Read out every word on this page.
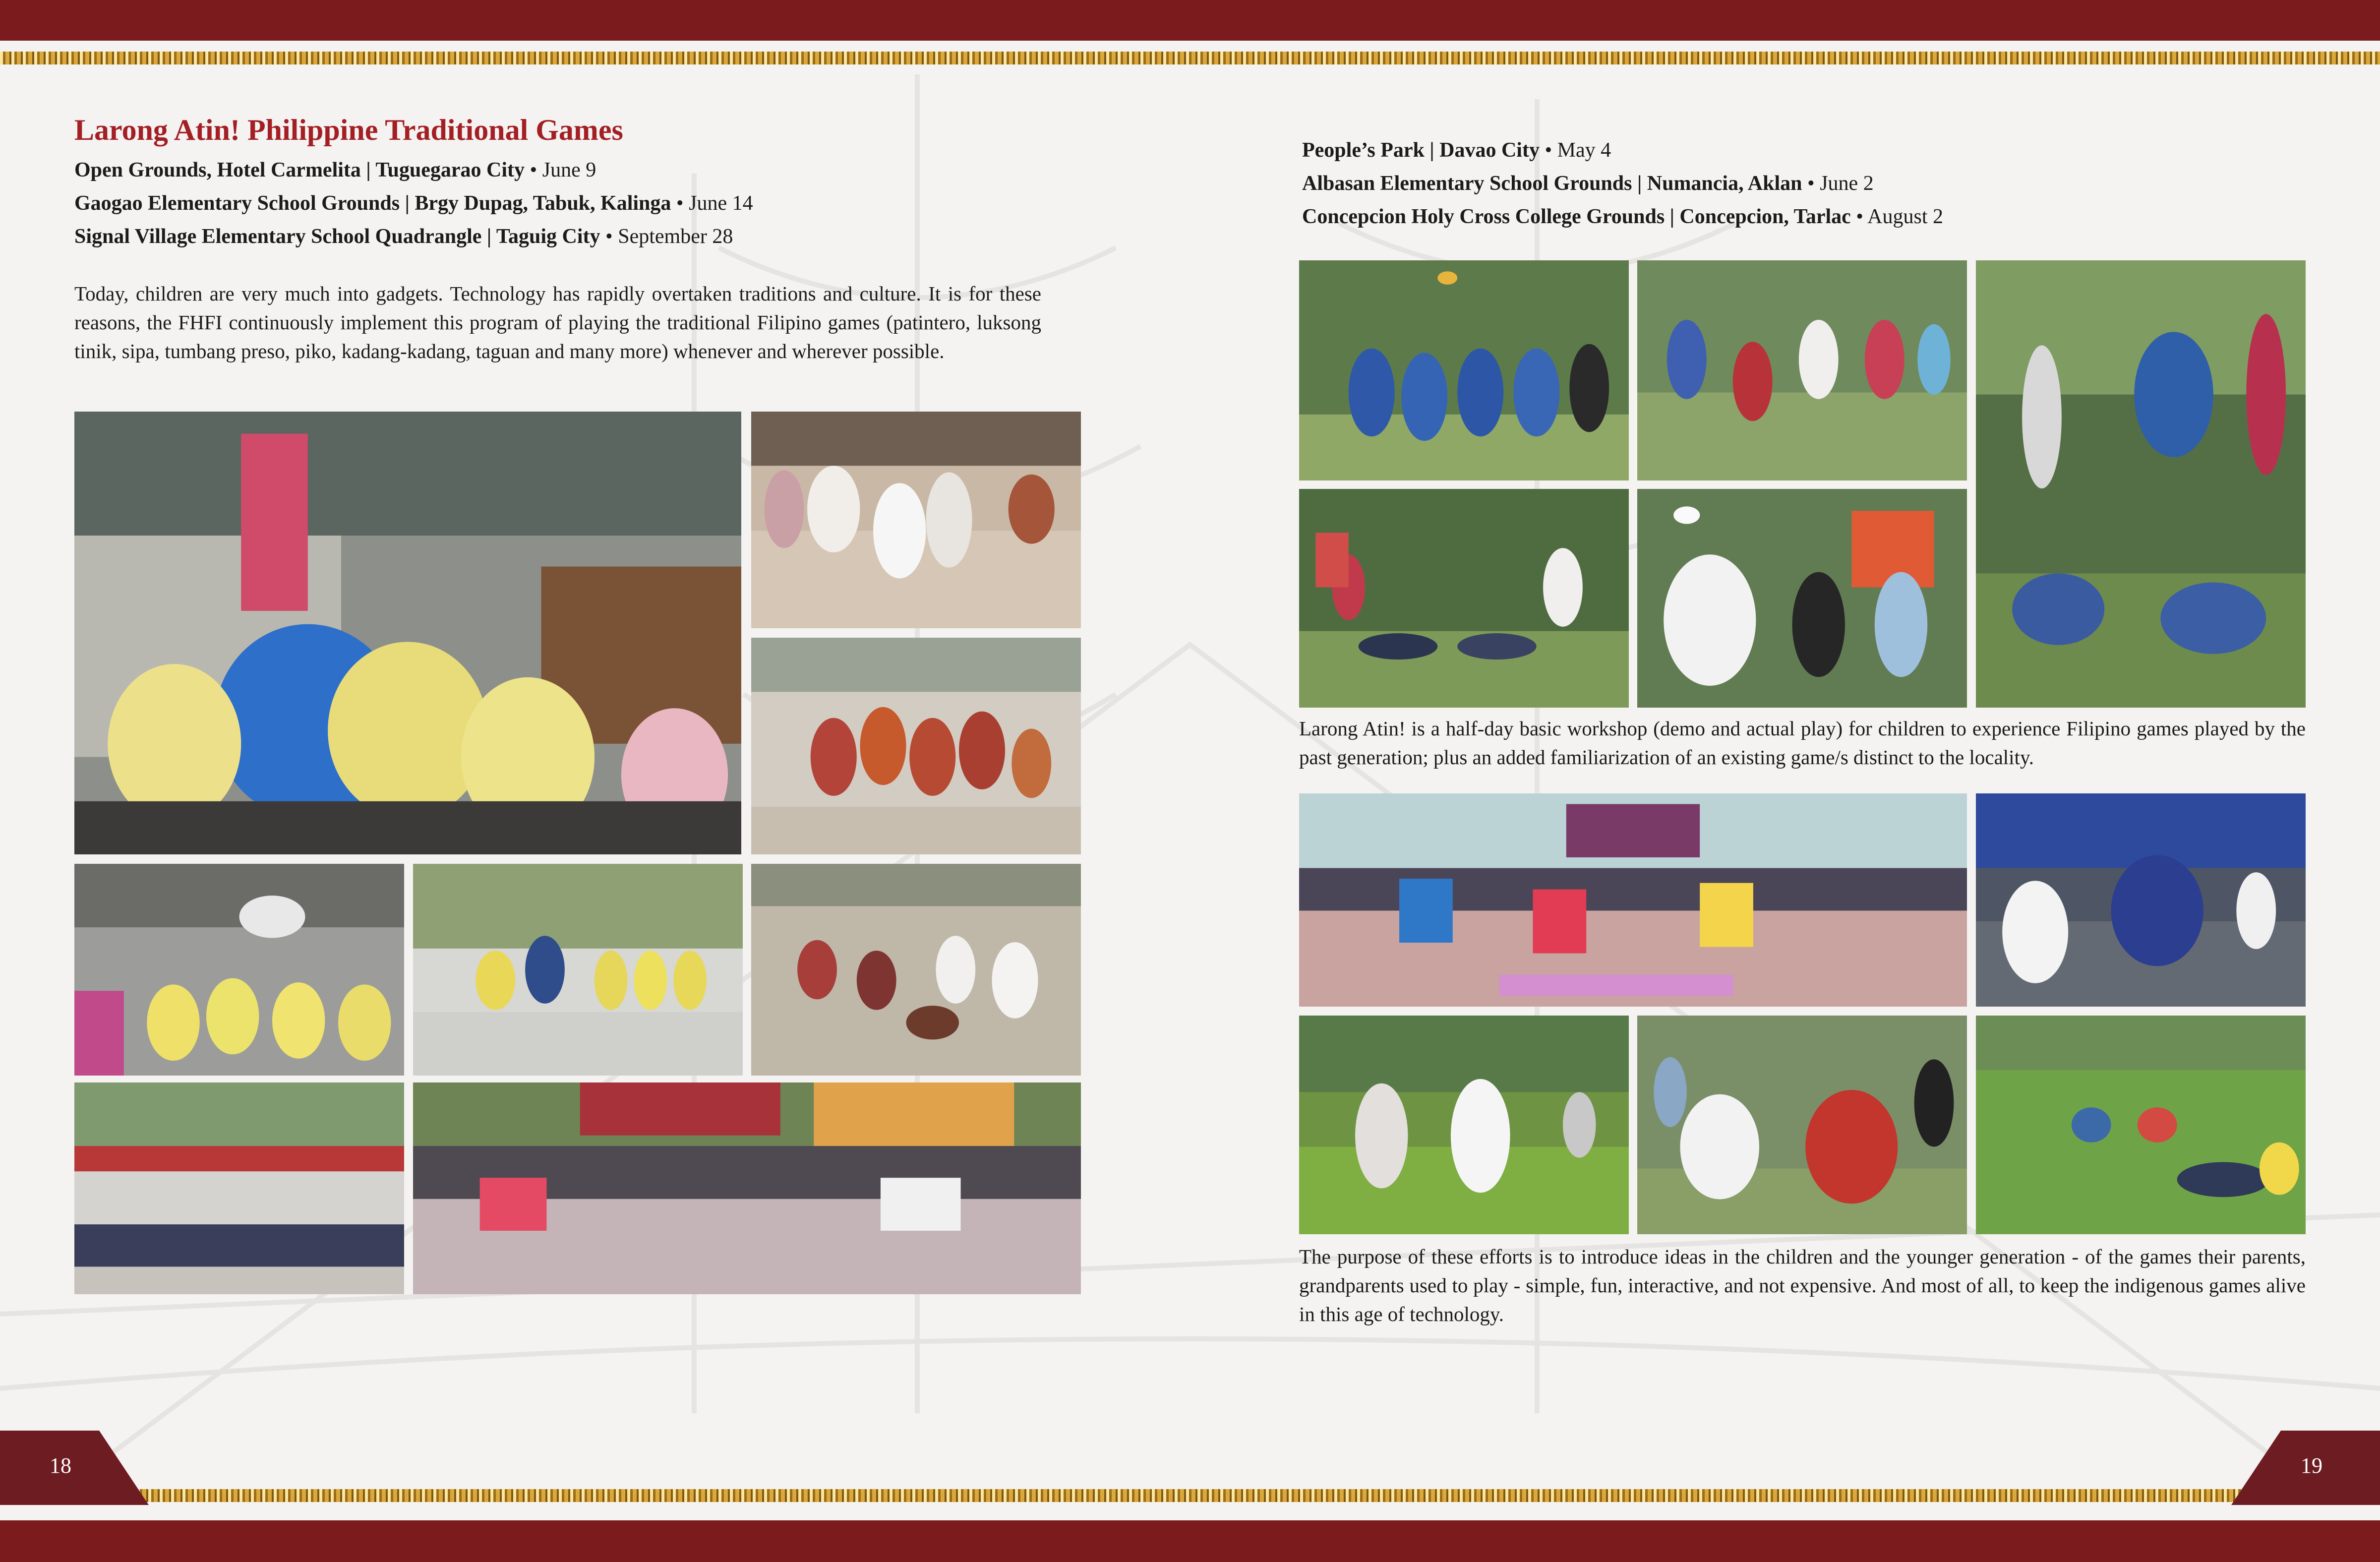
18	19
Larong Atin! Philippine Traditional Games
Open Grounds, Hotel Carmelita | Tuguegarao City • June 9
Gaogao Elementary School Grounds | Brgy Dupag, Tabuk, Kalinga • June 14
Signal Village Elementary School Quadrangle | Taguig City • September 28

Today, children are very much into gadgets. Technology has rapidly overtaken traditions and culture. It is for these reasons, the FHFI continuously implement this program of playing the traditional Filipino games (patintero, luksong tinik, sipa, tumbang preso, piko, kadang-kadang, taguan and many more) whenever and wherever possible.

People’s Park | Davao City • May 4
Albasan Elementary School Grounds | Numancia, Aklan • June 2
Concepcion Holy Cross College Grounds | Concepcion, Tarlac • August 2

Larong Atin! is a half-day basic workshop (demo and actual play) for children to experience Filipino games played by the past generation; plus an added familiarization of an existing game/s distinct to the locality.

The purpose of these efforts is to introduce ideas in the children and the younger generation - of the games their parents, grandparents used to play - simple, fun, interactive, and not expensive. And most of all, to keep the indigenous games alive in this age of technology.
